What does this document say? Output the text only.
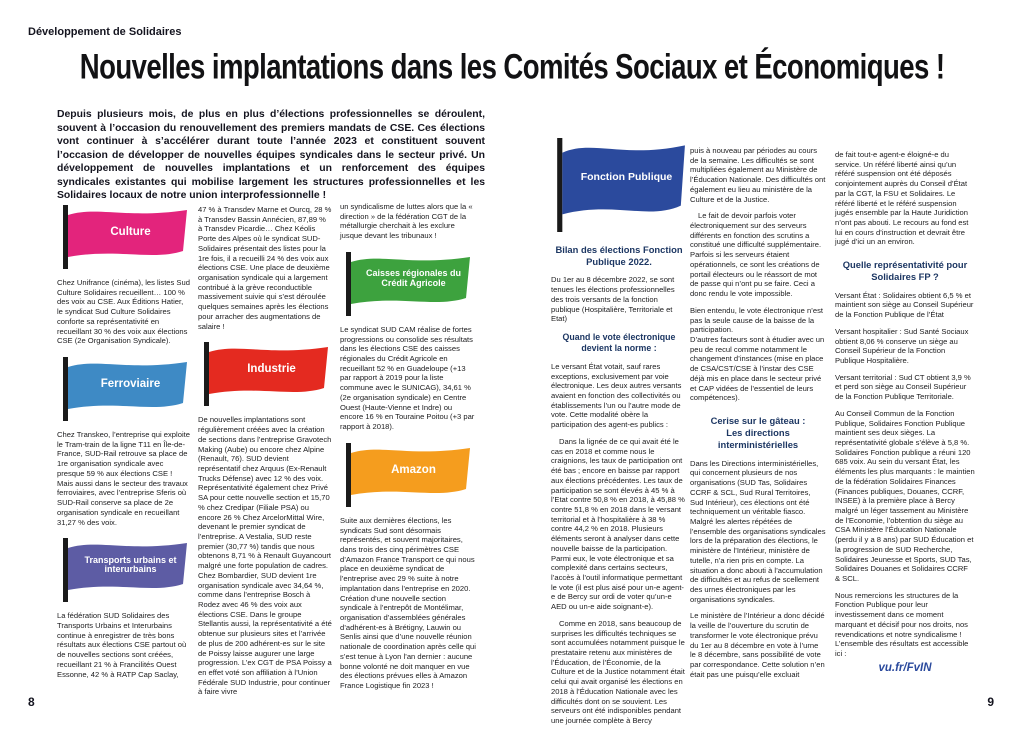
Développement de Solidaires
Nouvelles implantations dans les Comités Sociaux et Économiques !
Depuis plusieurs mois, de plus en plus d’élections professionnelles se déroulent, souvent à l’occasion du renouvellement des premiers mandats de CSE. Ces élections vont continuer à s’accélérer durant toute l’année 2023 et constituent souvent l’occasion de développer de nouvelles équipes syndicales dans le secteur privé. Un développement de nouvelles implantations et un renforcement des équipes syndicales existantes qui mobilise largement les structures professionnelles et les Solidaires locaux de notre union interprofessionnelle !
Culture

Chez Unifrance (cinéma), les listes Sud Culture Solidaires recueillent… 100 % des voix au CSE. Aux Éditions Hatier, le syndicat Sud Culture Solidaires conforte sa représentativité en recueillant 30 % des voix aux élections CSE (2e Organisation Syndicale).

Ferroviaire

Chez Transkeo, l’entreprise qui exploite le Tram-train de la ligne T11 en Île-de-France, SUD-Rail retrouve sa place de 1re organisation syndicale avec presque 59 % aux élections CSE ! Mais aussi dans le secteur des travaux ferroviaires, avec l’entreprise Sferis où SUD-Rail conserve sa place de 2e organisation syndicale en recueillant 31,27 % des voix.

Transports urbains et interurbains

La fédération SUD Solidaires des Transports Urbains et Interurbains continue à enregistrer de très bons résultats aux élections CSE partout où de nouvelles sections sont créées, recueillant 21 % à Francilités Ouest Essonne, 42 % à RATP Cap Saclay,

47 % à Transdev Marne et Ourcq, 28 % à Transdev Bassin Annécien, 87,89 % à Transdev Picardie… Chez Kéolis Porte des Alpes où le syndicat SUD-Solidaires présentait des listes pour la 1re fois, il a recueilli 24 % des voix aux élections CSE. Une place de deuxième organisation syndicale qui a largement contribué à la grève reconductible massivement suivie qui s’est déroulée quelques semaines après les élections pour arracher des augmentations de salaire !

Industrie

De nouvelles implantations sont régulièrement créées avec la création de sections dans l’entreprise Gravotech Making (Aube) ou encore chez Alpine (Renault, 76). SUD devient représentatif chez Arquus (Ex-Renault Trucks Défense) avec 12 % des voix. Représentativité également chez Privé SA pour cette nouvelle section et 15,70 % chez Credipar (Filiale PSA) ou encore 26 % Chez ArcelorMittal Wire, devenant le premier syndicat de l’entreprise. A Vestalia, SUD reste premier (30,77 %) tandis que nous obtenons 8,71 % à Renault Guyancourt malgré une forte population de cadres. Chez Bombardier, SUD devient 1re organisation syndicale avec 34,64 %, comme dans l’entreprise Bosch à Rodez avec 46 % des voix aux élections CSE. Dans le groupe Stellantis aussi, la représentativité a été obtenue sur plusieurs sites et l’arrivée de plus de 200 adhérent-es sur le site de Poissy laisse augurer une large progression. L’ex CGT de PSA Poissy a en effet voté son affiliation à l’Union Fédérale SUD Industrie, pour continuer à faire vivre

un syndicalisme de luttes alors que la « direction » de la fédération CGT de la métallurgie cherchait à les exclure jusque devant les tribunaux !

Caisses régionales du Crédit Agricole

Le syndicat SUD CAM réalise de fortes progressions ou consolide ses résultats dans les élections CSE des caisses régionales du Crédit Agricole en recueillant 52 % en Guadeloupe (+13 par rapport à 2019 pour la liste commune avec le SUNICAG), 34,61 % (2e organisation syndicale) en Centre Ouest (Haute-Vienne et Indre) ou encore 16 % en Touraine Poitou (+3 par rapport à 2018).

Amazon

Suite aux dernières élections, les syndicats Sud sont désormais représentés, et souvent majoritaires, dans trois des cinq périmètres CSE d’Amazon France Transport ce qui nous place en deuxième syndicat de l’entreprise avec 29 % suite à notre implantation dans l’entreprise en 2020. Création d’une nouvelle section syndicale à l’entrepôt de Montélimar, organisation d’assemblées générales d’adhérent-es à Brétigny, Lauwin ou Senlis ainsi que d’une nouvelle réunion nationale de coordination après celle qui s’est tenue à Lyon l’an dernier : aucune bonne volonté ne doit manquer en vue des élections prévues elles à Amazon France Logistique fin 2023 !

Fonction Publique
Bilan des élections Fonction Publique 2022.

Du 1er au 8 décembre 2022, se sont tenues les élections professionnelles des trois versants de la fonction publique (Hospitalière, Territoriale et Etat)

Quand le vote électronique devient la norme :

Le versant État votait, sauf rares exceptions, exclusivement par voie électronique. Les deux autres versants avaient en fonction des collectivités ou établissements l’un ou l’autre mode de vote. Cette modalité obère la participation des agent-es publics :

Dans la lignée de ce qui avait été le cas en 2018 et comme nous le craignions, les taux de participation ont été bas ; encore en baisse par rapport aux élections précédentes. Les taux de participation se sont élevés à 45 % à l’Etat contre 50,8 % en 2018, à 45,88 % contre 51,8 % en 2018 dans le versant territorial et à l’hospitalière à 38 % contre 44,2 % en 2018. Plusieurs éléments seront à analyser dans cette nouvelle baisse de la participation. Parmi eux, le vote électronique et sa complexité dans certains secteurs, l’accès à l’outil informatique permettant le vote (il est plus aisé pour un-e agent-e de Bercy sur ordi de voter qu’un-e AED ou un-e aide soignant-e).

Comme en 2018, sans beaucoup de surprises les difficultés techniques se sont accumulées notamment puisque le prestataire retenu aux ministères de l’Éducation, de l’Économie, de la Culture et de la Justice notamment était celui qui avait organisé les élections en 2018 à l’Éducation Nationale avec les difficultés dont on se souvient. Les serveurs ont été indisponibles pendant une journée complète à Bercy

puis à nouveau par périodes au cours de la semaine. Les difficultés se sont multipliées également au Ministère de l’Éducation Nationale. Des difficultés ont également eu lieu au ministère de la Culture et de la Justice.

Le fait de devoir parfois voter électroniquement sur des serveurs différents en fonction des scrutins a constitué une difficulté supplémentaire. Parfois si les serveurs étaient opérationnels, ce sont les créations de portail électeurs ou le réassort de mot de passe qui n’ont pu se faire. Ceci a donc rendu le vote impossible.

Bien entendu, le vote électronique n’est pas la seule cause de la baisse de la participation.

D’autres facteurs sont à étudier avec un peu de recul comme notamment le changement d’instances (mise en place de CSA/CST/CSE à l’instar des CSE déjà mis en place dans le secteur privé et CAP vidées de l’essentiel de leurs compétences).

Cerise sur le gâteau :
Les directions interministérielles

Dans les Directions interministérielles, qui concernent plusieurs de nos organisations (SUD Tas, Solidaires CCRF & SCL, Sud Rural Territoires, Sud Intérieur), ces élections ont été techniquement un véritable fiasco. Malgré les alertes répétées de l’ensemble des organisations syndicales lors de la préparation des élections, le ministère de l’Intérieur, ministère de tutelle, n’a rien pris en compte. La situation a donc abouti à l’accumulation de difficultés et au refus de scellement des urnes électroniques par les organisations syndicales.

Le ministère de l’Intérieur a donc décidé la veille de l’ouverture du scrutin de transformer le vote électronique prévu du 1er au 8 décembre en vote à l’urne le 8 décembre, sans possibilité de vote par correspondance. Cette solution n’en était pas une puisqu’elle excluait

de fait tout-e agent-e éloigné-e du service. Un référé liberté ainsi qu’un référé suspension ont été déposés conjointement auprès du Conseil d’État par la CGT, la FSU et Solidaires. Le référé liberté et le référé suspension jugés ensemble par la Haute Juridiction n’ont pas abouti. Le recours au fond est lui en cours d’instruction et devrait être jugé d’ici un an environ.

Quelle représentativité pour Solidaires FP ?

Versant État : Solidaires obtient 6,5 % et maintient son siège au Conseil Supérieur de la Fonction Publique de l’État

Versant hospitalier : Sud Santé Sociaux obtient 8,06 % conserve un siège au Conseil Supérieur de la Fonction Publique Hospitalière.

Versant territorial : Sud CT obtient 3,9 % et perd son siège au Conseil Supérieur de la Fonction Publique Territoriale.

Au Conseil Commun de la Fonction Publique, Solidaires Fonction Publique maintient ses deux sièges. La représentativité globale s’élève à 5,8 %. Solidaires Fonction publique a réuni 120 685 voix. Au sein du versant État, les éléments les plus marquants : le maintien de la fédération Solidaires Finances (Finances publiques, Douanes, CCRF, INSEE) à la première place à Bercy malgré un léger tassement au Ministère de l’Economie, l’obtention du siège au CSA Ministère l’Éducation Nationale (perdu il y a 8 ans) par SUD Éducation et la progression de SUD Recherche, Solidaires Jeunesse et Sports, SUD Tas, Solidaires Douanes et Solidaires CCRF & SCL.

Nous remercions les structures de la Fonction Publique pour leur investissement dans ce moment marquant et décisif pour nos droits, nos revendications et notre syndicalisme ! L’ensemble des résultats est accessible ici :

vu.fr/FvIN
8	9
